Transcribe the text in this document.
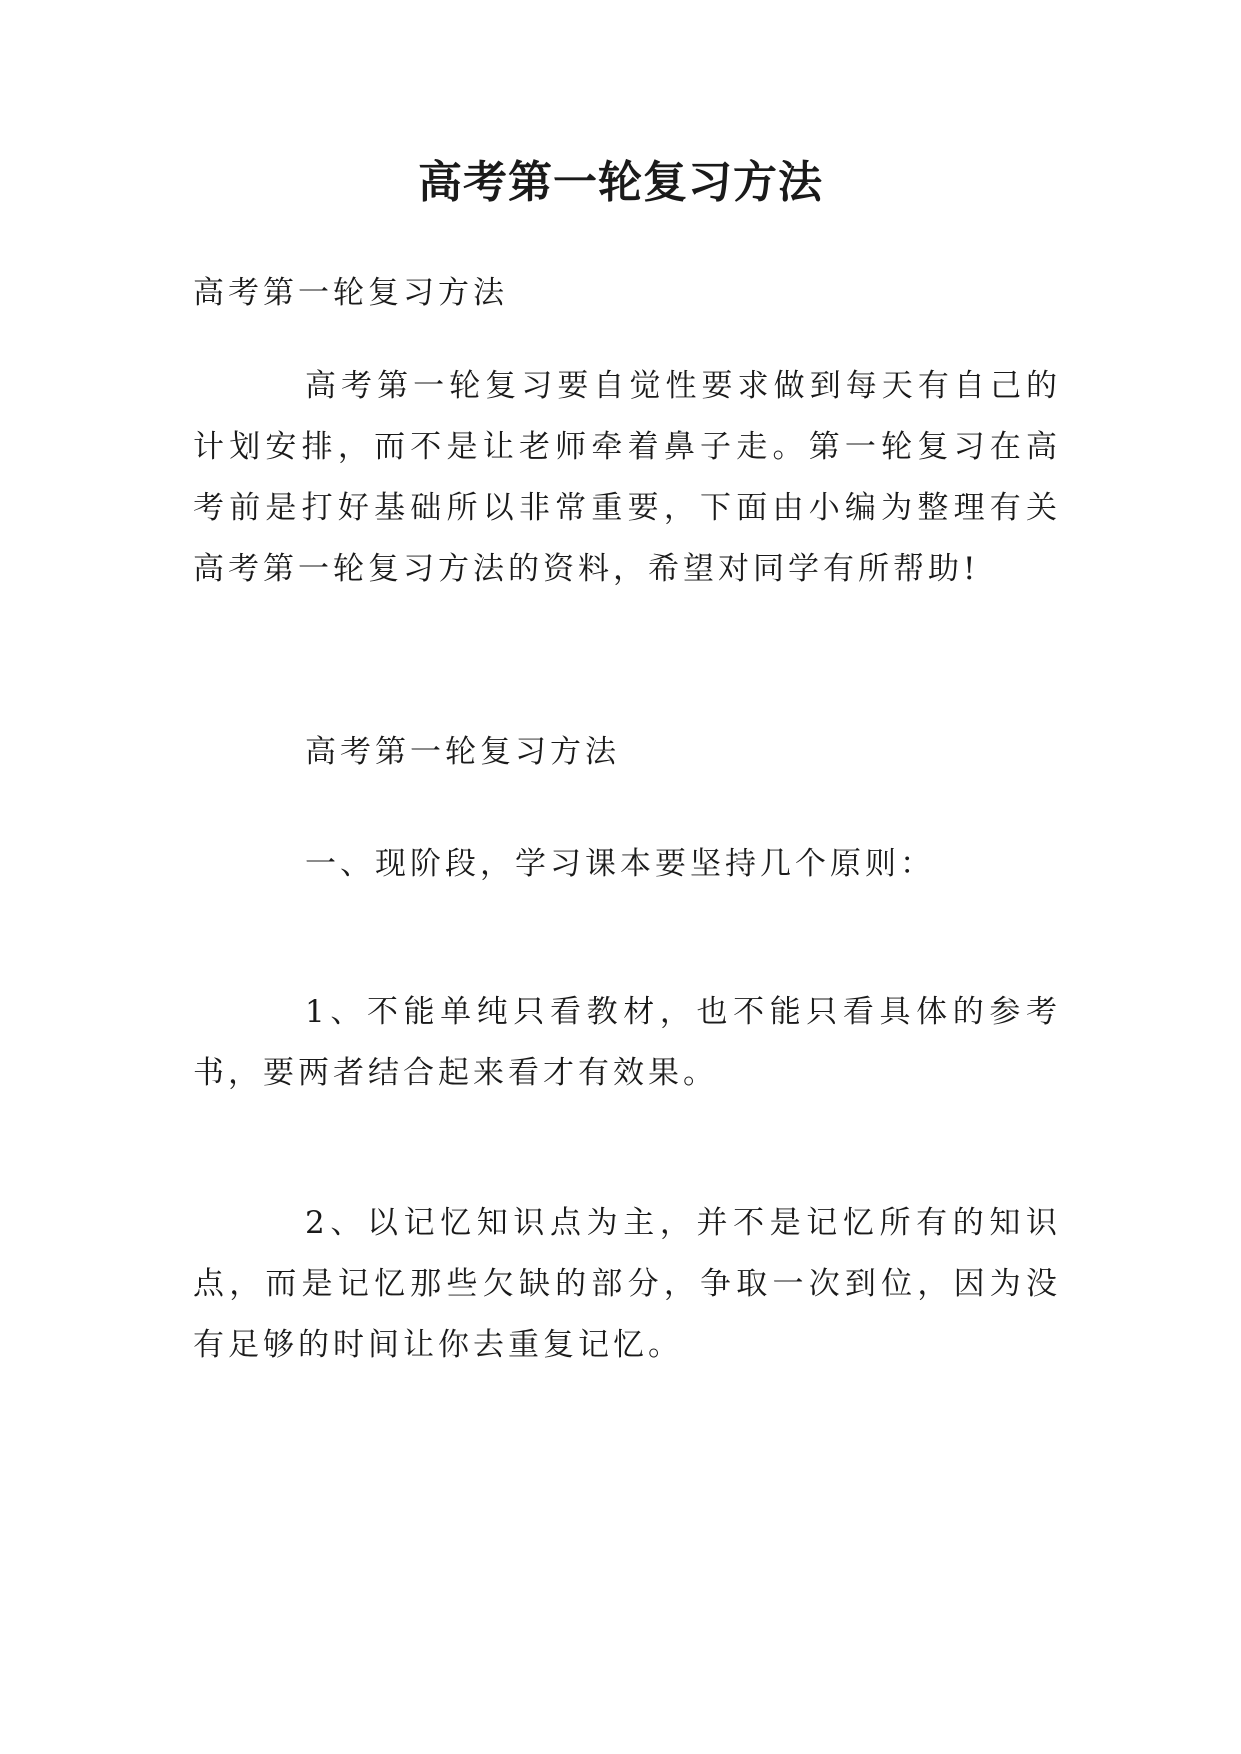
高考第一轮复习方法

高考第一轮复习方法

高考第一轮复习要自觉性要求做到每天有自己的计划安排，而不是让老师牵着鼻子走。第一轮复习在高考前是打好基础所以非常重要，下面由小编为整理有关高考第一轮复习方法的资料，希望对同学有所帮助!

高考第一轮复习方法

一、现阶段，学习课本要坚持几个原则：

1、不能单纯只看教材，也不能只看具体的参考书，要两者结合起来看才有效果。

2、以记忆知识点为主，并不是记忆所有的知识点，而是记忆那些欠缺的部分，争取一次到位，因为没有足够的时间让你去重复记忆。
